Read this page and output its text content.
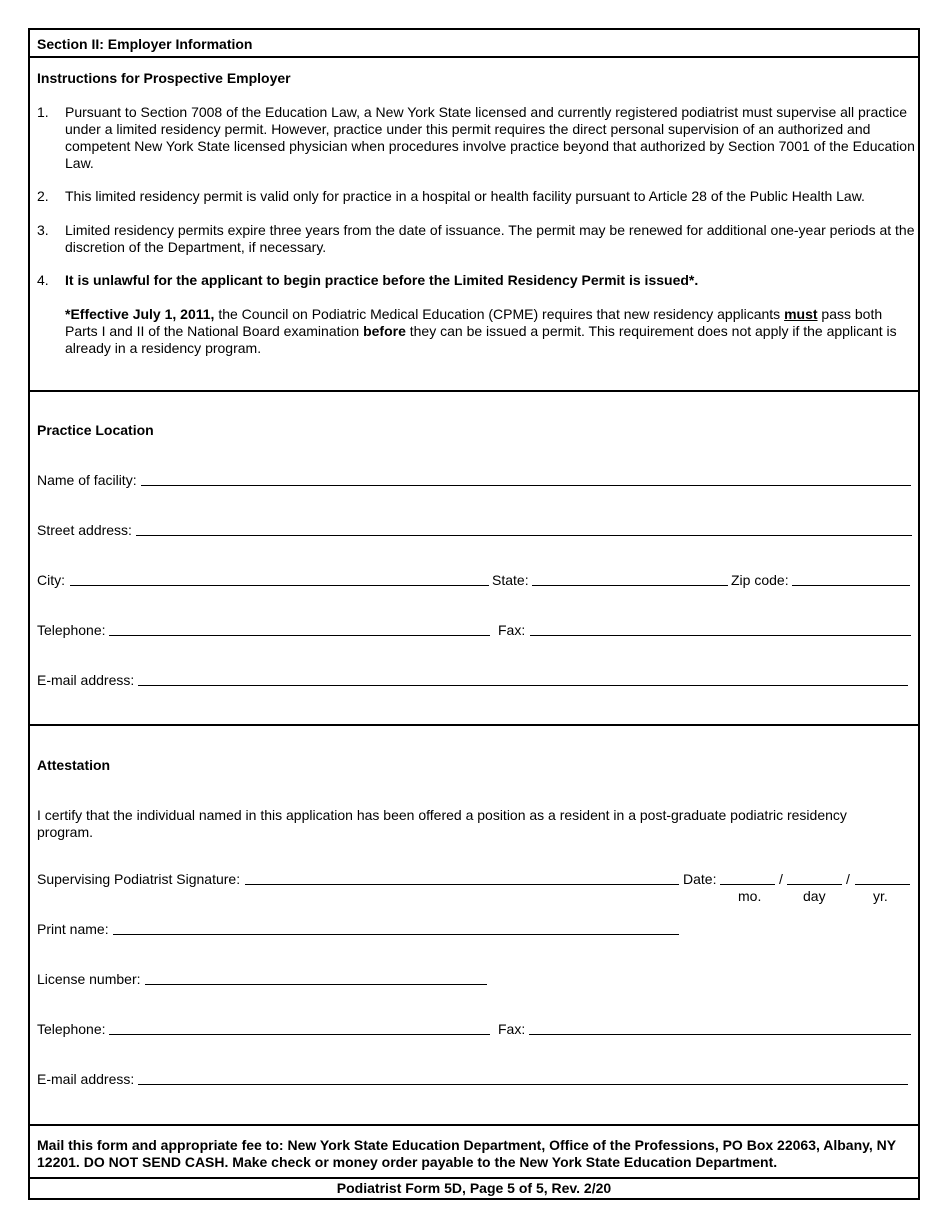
Section II: Employer Information
Instructions for Prospective Employer
1.	Pursuant to Section 7008 of the Education Law, a New York State licensed and currently registered podiatrist must supervise all practice under a limited residency permit. However, practice under this permit requires the direct personal supervision of an authorized and competent New York State licensed physician when procedures involve practice beyond that authorized by Section 7001 of the Education Law.
2.	This limited residency permit is valid only for practice in a hospital or health facility pursuant to Article 28 of the Public Health Law.
3.	Limited residency permits expire three years from the date of issuance. The permit may be renewed for additional one-year periods at the discretion of the Department, if necessary.
4.	It is unlawful for the applicant to begin practice before the Limited Residency Permit is issued*.
*Effective July 1, 2011, the Council on Podiatric Medical Education (CPME) requires that new residency applicants must pass both Parts I and II of the National Board examination before they can be issued a permit. This requirement does not apply if the applicant is already in a residency program.
Practice Location
Name of facility:
Street address:
City:	State:	Zip code:
Telephone:	Fax:
E-mail address:
Attestation
I certify that the individual named in this application has been offered a position as a resident in a post-graduate podiatric residency program.
Supervising Podiatrist Signature:	Date:	/	/
mo.	day	yr.
Print name:
License number:
Telephone:	Fax:
E-mail address:
Mail this form and appropriate fee to: New York State Education Department, Office of the Professions, PO Box 22063, Albany, NY 12201. DO NOT SEND CASH. Make check or money order payable to the New York State Education Department.
Podiatrist Form 5D, Page 5 of 5, Rev. 2/20
